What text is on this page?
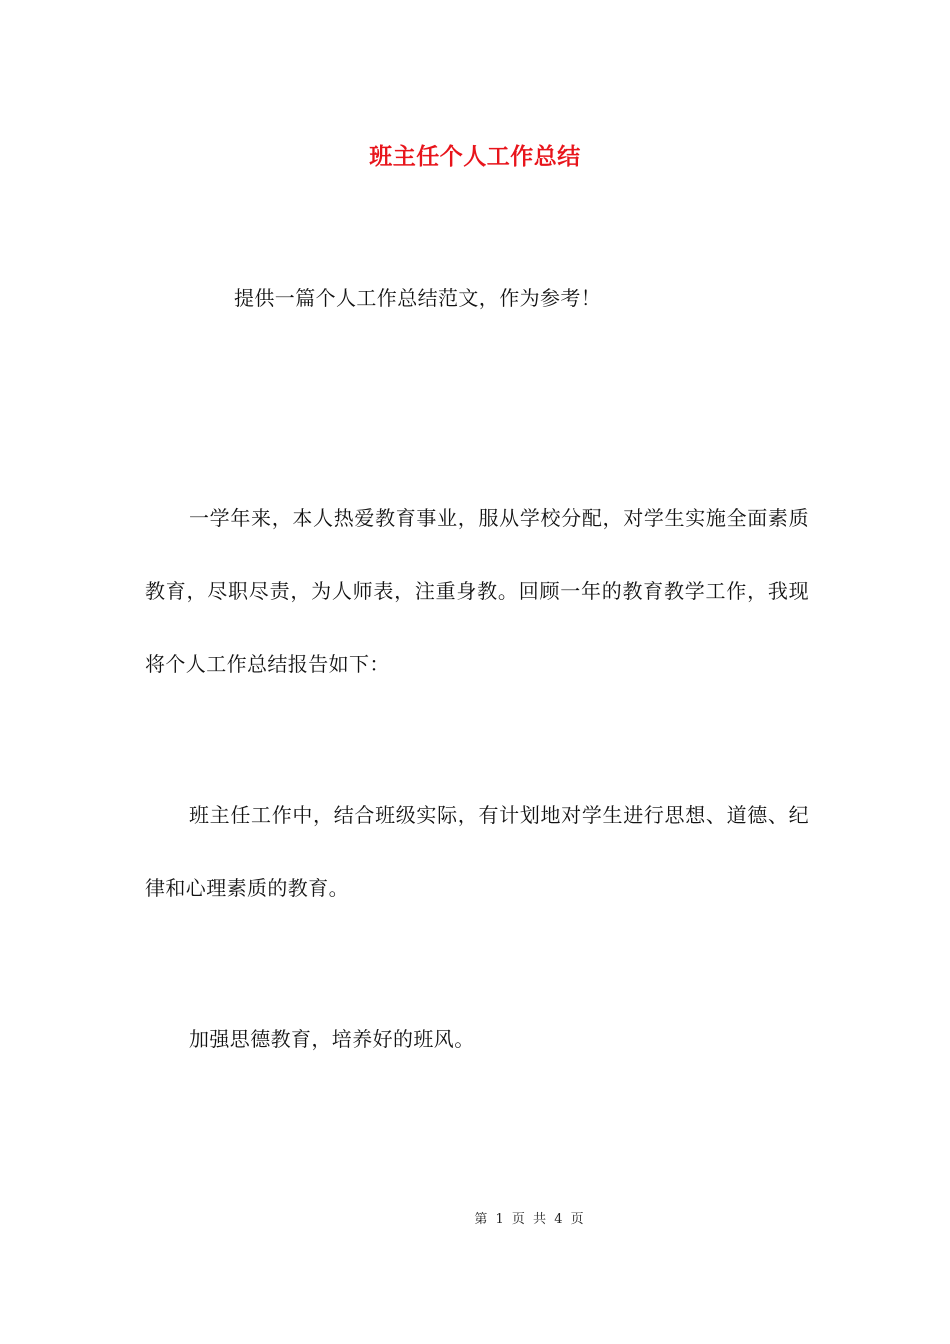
班主任个人工作总结

提供一篇个人工作总结范文，作为参考！

一学年来，本人热爱教育事业，服从学校分配，对学生实施全面素质教育，尽职尽责，为人师表，注重身教。回顾一年的教育教学工作，我现将个人工作总结报告如下：

班主任工作中，结合班级实际，有计划地对学生进行思想、道德、纪律和心理素质的教育。

加强思德教育，培养好的班风。

第 1 页 共 4 页
